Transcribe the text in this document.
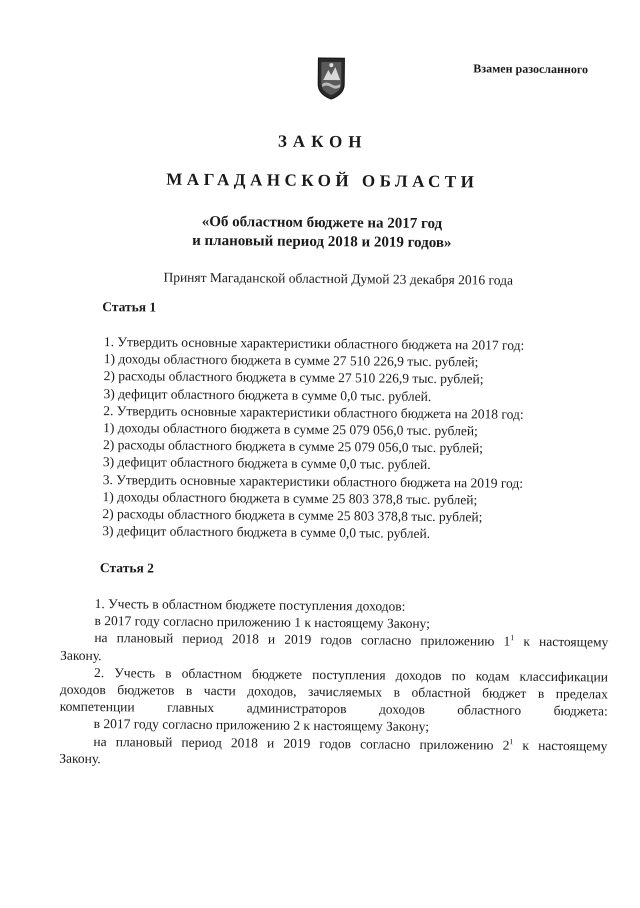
Взамен разосланного
ЗАКОН
МАГАДАНСКОЙ ОБЛАСТИ
«Об областном бюджете на 2017 год
и плановый период 2018 и 2019 годов»
Принят Магаданской областной Думой 23 декабря 2016 года
Статья 1
1. Утвердить основные характеристики областного бюджета на 2017 год:
1) доходы областного бюджета в сумме 27 510 226,9 тыс. рублей;
2) расходы областного бюджета в сумме 27 510 226,9 тыс. рублей;
3) дефицит областного бюджета в сумме 0,0 тыс. рублей.
2. Утвердить основные характеристики областного бюджета на 2018 год:
1) доходы областного бюджета в сумме 25 079 056,0 тыс. рублей;
2) расходы областного бюджета в сумме 25 079 056,0 тыс. рублей;
3) дефицит областного бюджета в сумме 0,0 тыс. рублей.
3. Утвердить основные характеристики областного бюджета на 2019 год:
1) доходы областного бюджета в сумме 25 803 378,8 тыс. рублей;
2) расходы областного бюджета в сумме 25 803 378,8 тыс. рублей;
3) дефицит областного бюджета в сумме 0,0 тыс. рублей.
Статья 2
1. Учесть в областном бюджете поступления доходов:
в 2017 году согласно приложению 1 к настоящему Закону;
на плановый период 2018 и 2019 годов согласно приложению $1^1$ к настоящему
Закону.
2. Учесть в областном бюджете поступления доходов по кодам классификации
доходов бюджетов в части доходов, зачисляемых в областной бюджет в пределах
компетенции главных администраторов доходов областного бюджета:
в 2017 году согласно приложению 2 к настоящему Закону;
на плановый период 2018 и 2019 годов согласно приложению $2^1$ к настоящему
Закону.
